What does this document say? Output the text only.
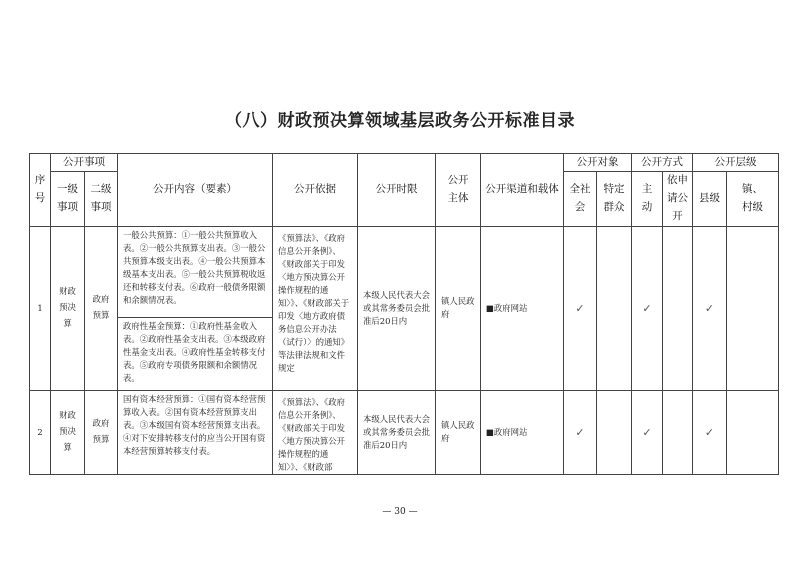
（八）财政预决算领域基层政务公开标准目录
序号	公开事项		公开内容（要素）	公开依据	公开时限	公开主体	公开渠道和载体	公开对象		公开方式		公开层级	
	一级事项	二级事项						全社会	特定群众	主动	依申请公开	县级	镇、村级
1	财政预决算	政府预算	一般公共预算：①一般公共预算收入表。②一般公共预算支出表。③一般公共预算本级支出表。④一般公共预算本级基本支出表。⑤一般公共预算税收返还和转移支付表。⑥政府一般债务限额和余额情况表。	《预算法》、《政府信息公开条例》、《财政部关于印发〈地方预决算公开操作规程的通知〉》、《财政部关于印发〈地方政府债务信息公开办法（试行）〉的通知》等法律法规和文件规定	本级人民代表大会或其常务委员会批准后20日内	镇人民政府	■政府网站	✓		✓		✓	
			政府性基金预算：①政府性基金收入表。②政府性基金支出表。③本级政府性基金支出表。④政府性基金转移支付表。⑤政府专项债务限额和余额情况表。										
2	财政预决算	政府预算	国有资本经营预算：①国有资本经营预算收入表。②国有资本经营预算支出表。③本级国有资本经营预算支出表。④对下安排转移支付的应当公开国有资本经营预算转移支付表。	《预算法》、《政府信息公开条例》、《财政部关于印发〈地方预决算公开操作规程的通知〉》、《财政部	本级人民代表大会或其常务委员会批准后20日内	镇人民政府	■政府网站	✓		✓		✓	
— 30 —
